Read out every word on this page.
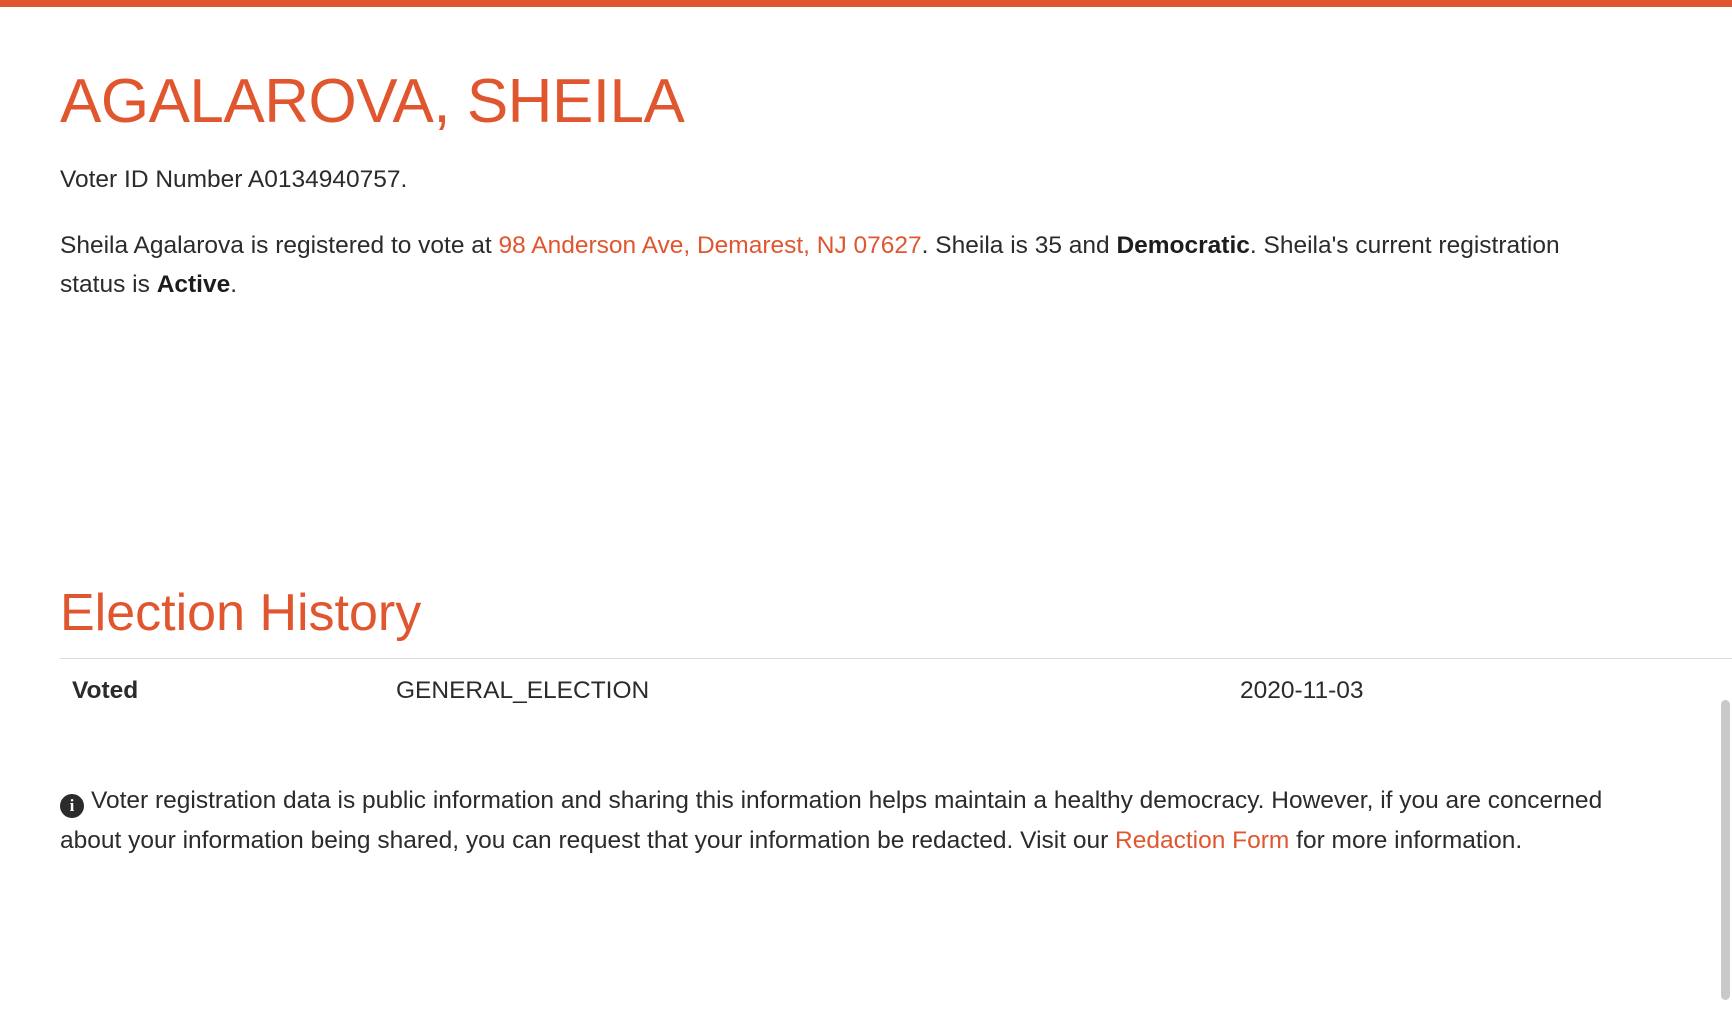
AGALAROVA, SHEILA

Voter ID Number A0134940757.

Sheila Agalarova is registered to vote at 98 Anderson Ave, Demarest, NJ 07627. Sheila is 35 and Democratic. Sheila's current registration status is Active.

Election History
Voted	GENERAL_ELECTION	2020-11-03
i Voter registration data is public information and sharing this information helps maintain a healthy democracy. However, if you are concerned about your information being shared, you can request that your information be redacted. Visit our Redaction Form for more information.
